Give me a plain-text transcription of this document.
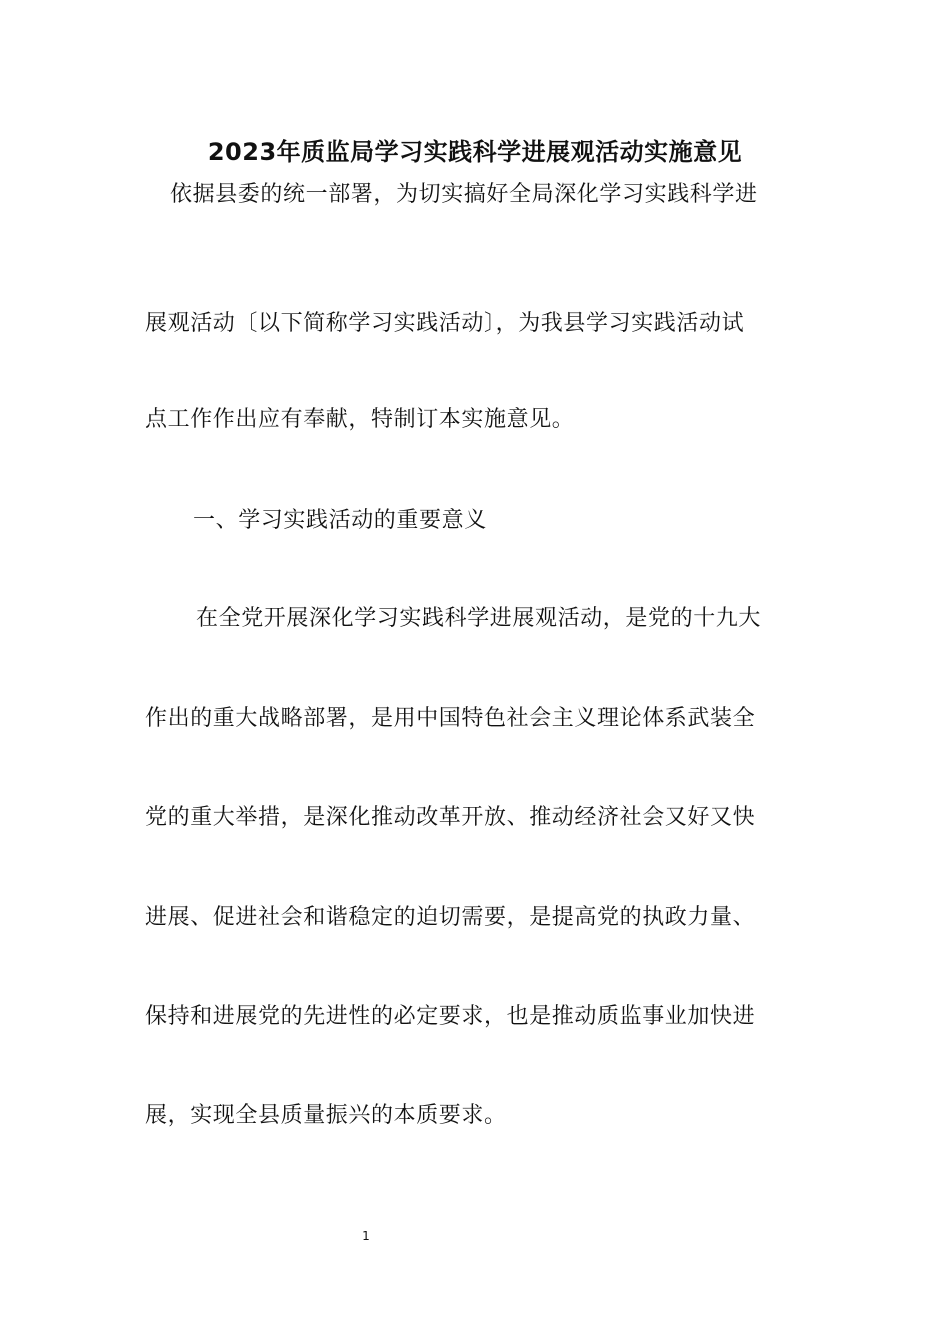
2023年质监局学习实践科学进展观活动实施意见
依据县委的统一部署，为切实搞好全局深化学习实践科学进
展观活动〔以下简称学习实践活动〕，为我县学习实践活动试
点工作作出应有奉献，特制订本实施意见。
一、学习实践活动的重要意义
在全党开展深化学习实践科学进展观活动，是党的十九大
作出的重大战略部署，是用中国特色社会主义理论体系武装全
党的重大举措，是深化推动改革开放、推动经济社会又好又快
进展、促进社会和谐稳定的迫切需要，是提高党的执政力量、
保持和进展党的先进性的必定要求，也是推动质监事业加快进
展，实现全县质量振兴的本质要求。
1
